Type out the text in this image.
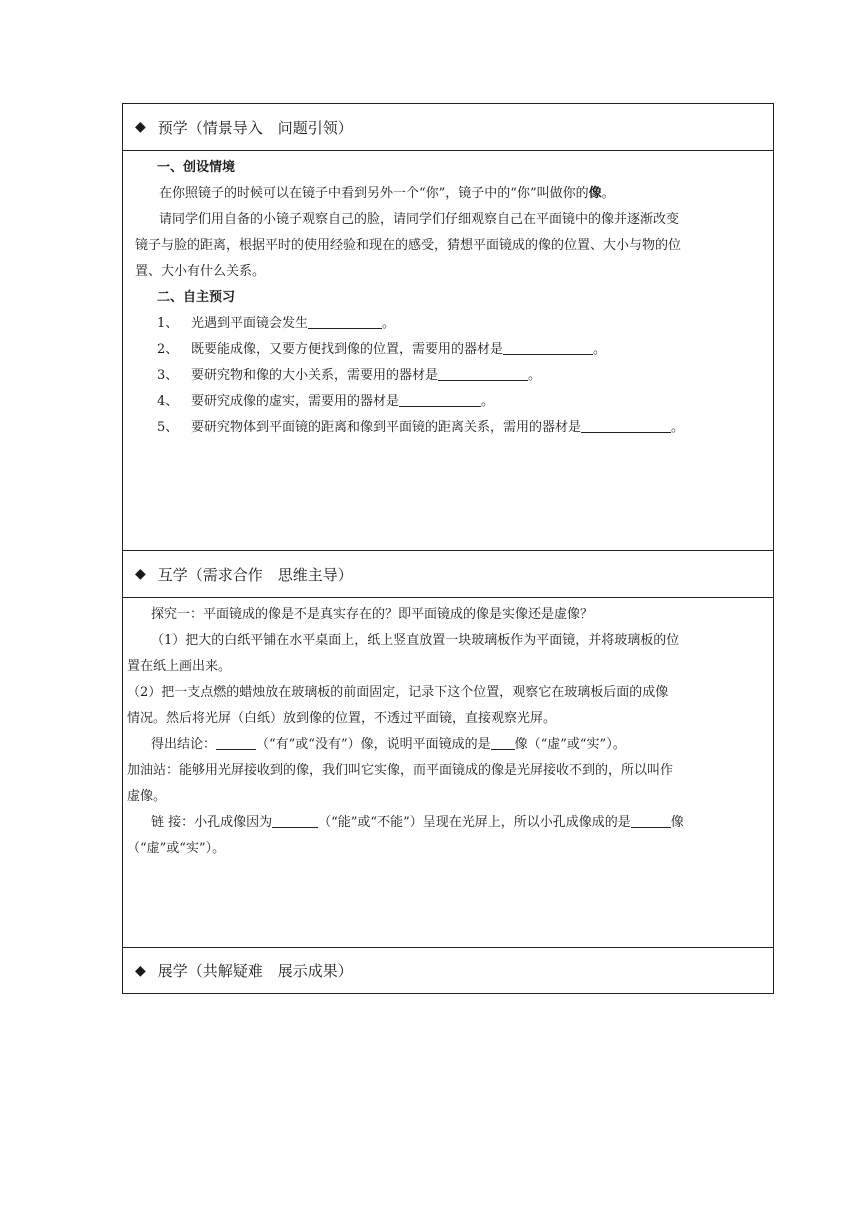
◆ 预学（情景导入　问题引领）
一、创设情境
在你照镜子的时候可以在镜子中看到另外一个“你”，镜子中的“你”叫做你的像。
请同学们用自备的小镜子观察自己的脸，请同学们仔细观察自己在平面镜中的像并逐渐改变
镜子与脸的距离，根据平时的使用经验和现在的感受，猜想平面镜成的像的位置、大小与物的位
置、大小有什么关系。
二、自主预习
1、 光遇到平面镜会发生	。
2、 既要能成像，又要方便找到像的位置，需要用的器材是	。
3、 要研究物和像的大小关系，需要用的器材是	。
4、 要研究成像的虚实，需要用的器材是	。
5、 要研究物体到平面镜的距离和像到平面镜的距离关系，需用的器材是	。
◆ 互学（需求合作　思维主导）
探究一：平面镜成的像是不是真实存在的？即平面镜成的像是实像还是虚像？
（1）把大的白纸平铺在水平桌面上，纸上竖直放置一块玻璃板作为平面镜，并将玻璃板的位
置在纸上画出来。
（2）把一支点燃的蜡烛放在玻璃板的前面固定，记录下这个位置，观察它在玻璃板后面的成像
情况。然后将光屏（白纸）放到像的位置，不透过平面镜，直接观察光屏。
得出结论：	（“有”或“没有”）像，说明平面镜成的是 像（“虚”或“实”）。
加油站：能够用光屏接收到的像，我们叫它实像，而平面镜成的像是光屏接收不到的，所以叫作
虚像。
链 接：小孔成像因为	（“能”或“不能”）呈现在光屏上，所以小孔成像成的是	像
（“虚”或“实”）。
◆ 展学（共解疑难　展示成果）
